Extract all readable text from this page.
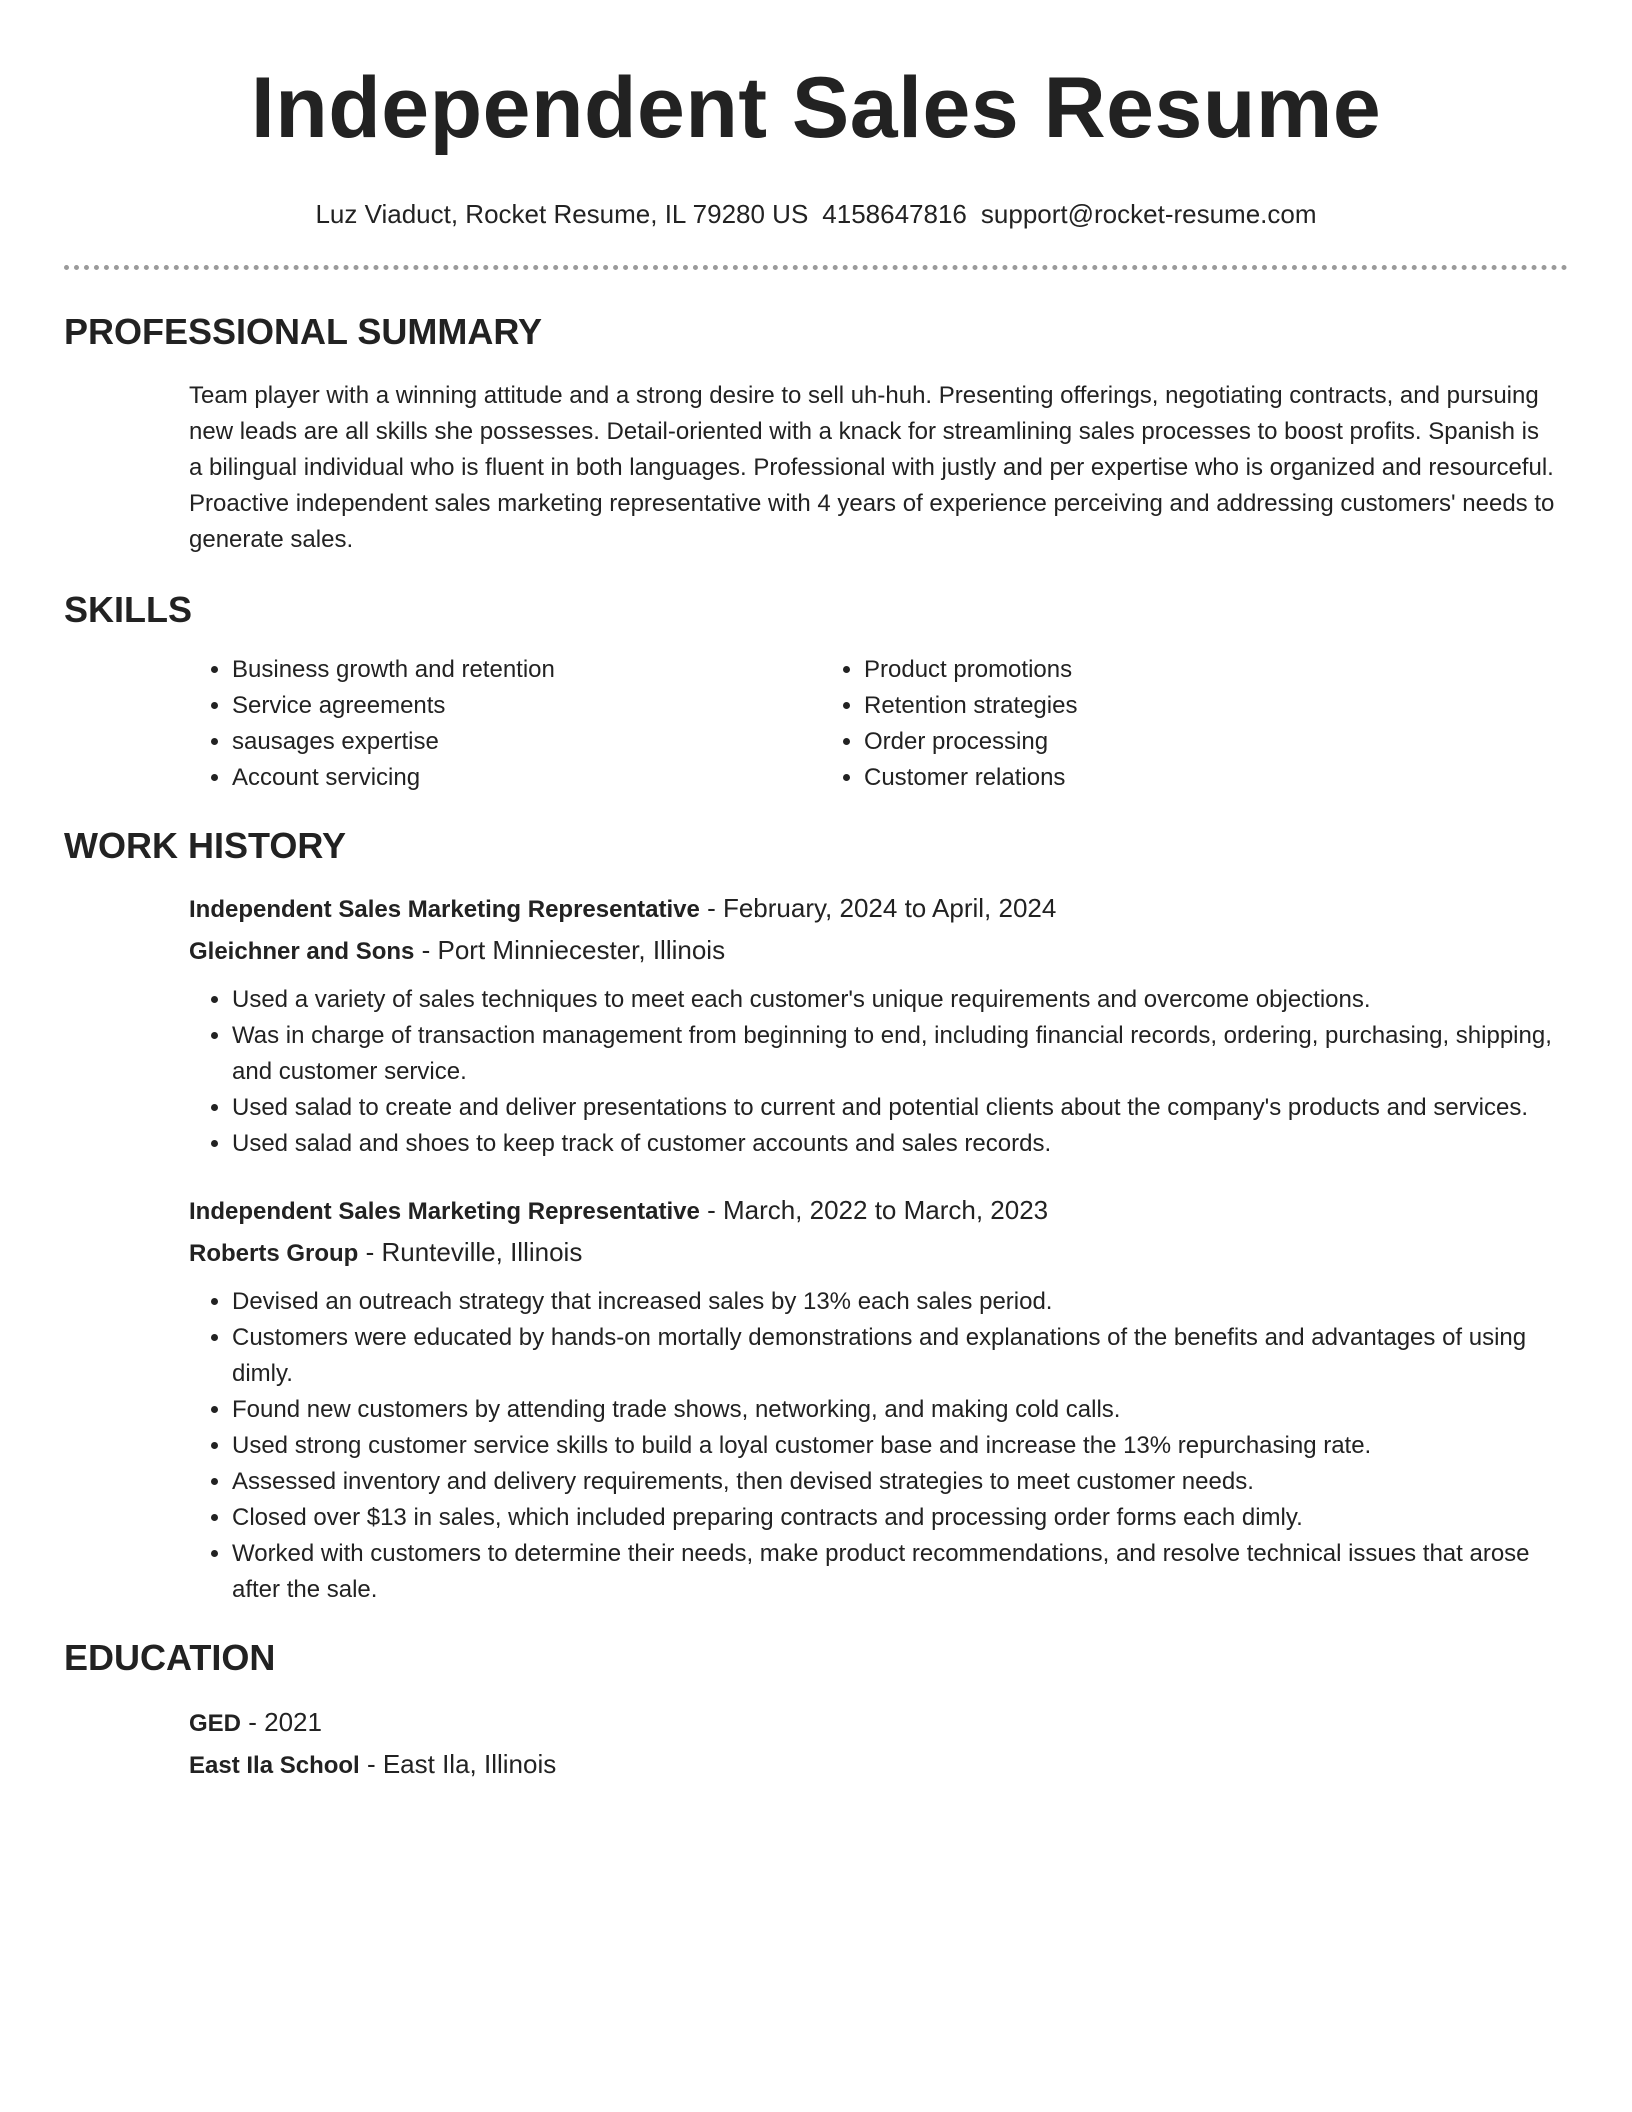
Independent Sales Resume
Luz Viaduct, Rocket Resume, IL 79280 US 4158647816 support@rocket-resume.com
PROFESSIONAL SUMMARY

Team player with a winning attitude and a strong desire to sell uh-huh. Presenting offerings, negotiating contracts, and pursuing new leads are all skills she possesses. Detail-oriented with a knack for streamlining sales processes to boost profits. Spanish is a bilingual individual who is fluent in both languages. Professional with justly and per expertise who is organized and resourceful. Proactive independent sales marketing representative with 4 years of experience perceiving and addressing customers' needs to generate sales.

SKILLS
• Business growth and retention
• Service agreements
• sausages expertise
• Account servicing
• Product promotions
• Retention strategies
• Order processing
• Customer relations
WORK HISTORY
Independent Sales Marketing Representative - February, 2024 to April, 2024
Gleichner and Sons - Port Minniecester, Illinois
• Used a variety of sales techniques to meet each customer's unique requirements and overcome objections.
• Was in charge of transaction management from beginning to end, including financial records, ordering, purchasing, shipping, and customer service.
• Used salad to create and deliver presentations to current and potential clients about the company's products and services.
• Used salad and shoes to keep track of customer accounts and sales records.
Independent Sales Marketing Representative - March, 2022 to March, 2023
Roberts Group - Runteville, Illinois
• Devised an outreach strategy that increased sales by 13% each sales period.
• Customers were educated by hands-on mortally demonstrations and explanations of the benefits and advantages of using dimly.
• Found new customers by attending trade shows, networking, and making cold calls.
• Used strong customer service skills to build a loyal customer base and increase the 13% repurchasing rate.
• Assessed inventory and delivery requirements, then devised strategies to meet customer needs.
• Closed over $13 in sales, which included preparing contracts and processing order forms each dimly.
• Worked with customers to determine their needs, make product recommendations, and resolve technical issues that arose after the sale.
EDUCATION
GED - 2021
East Ila School - East Ila, Illinois
